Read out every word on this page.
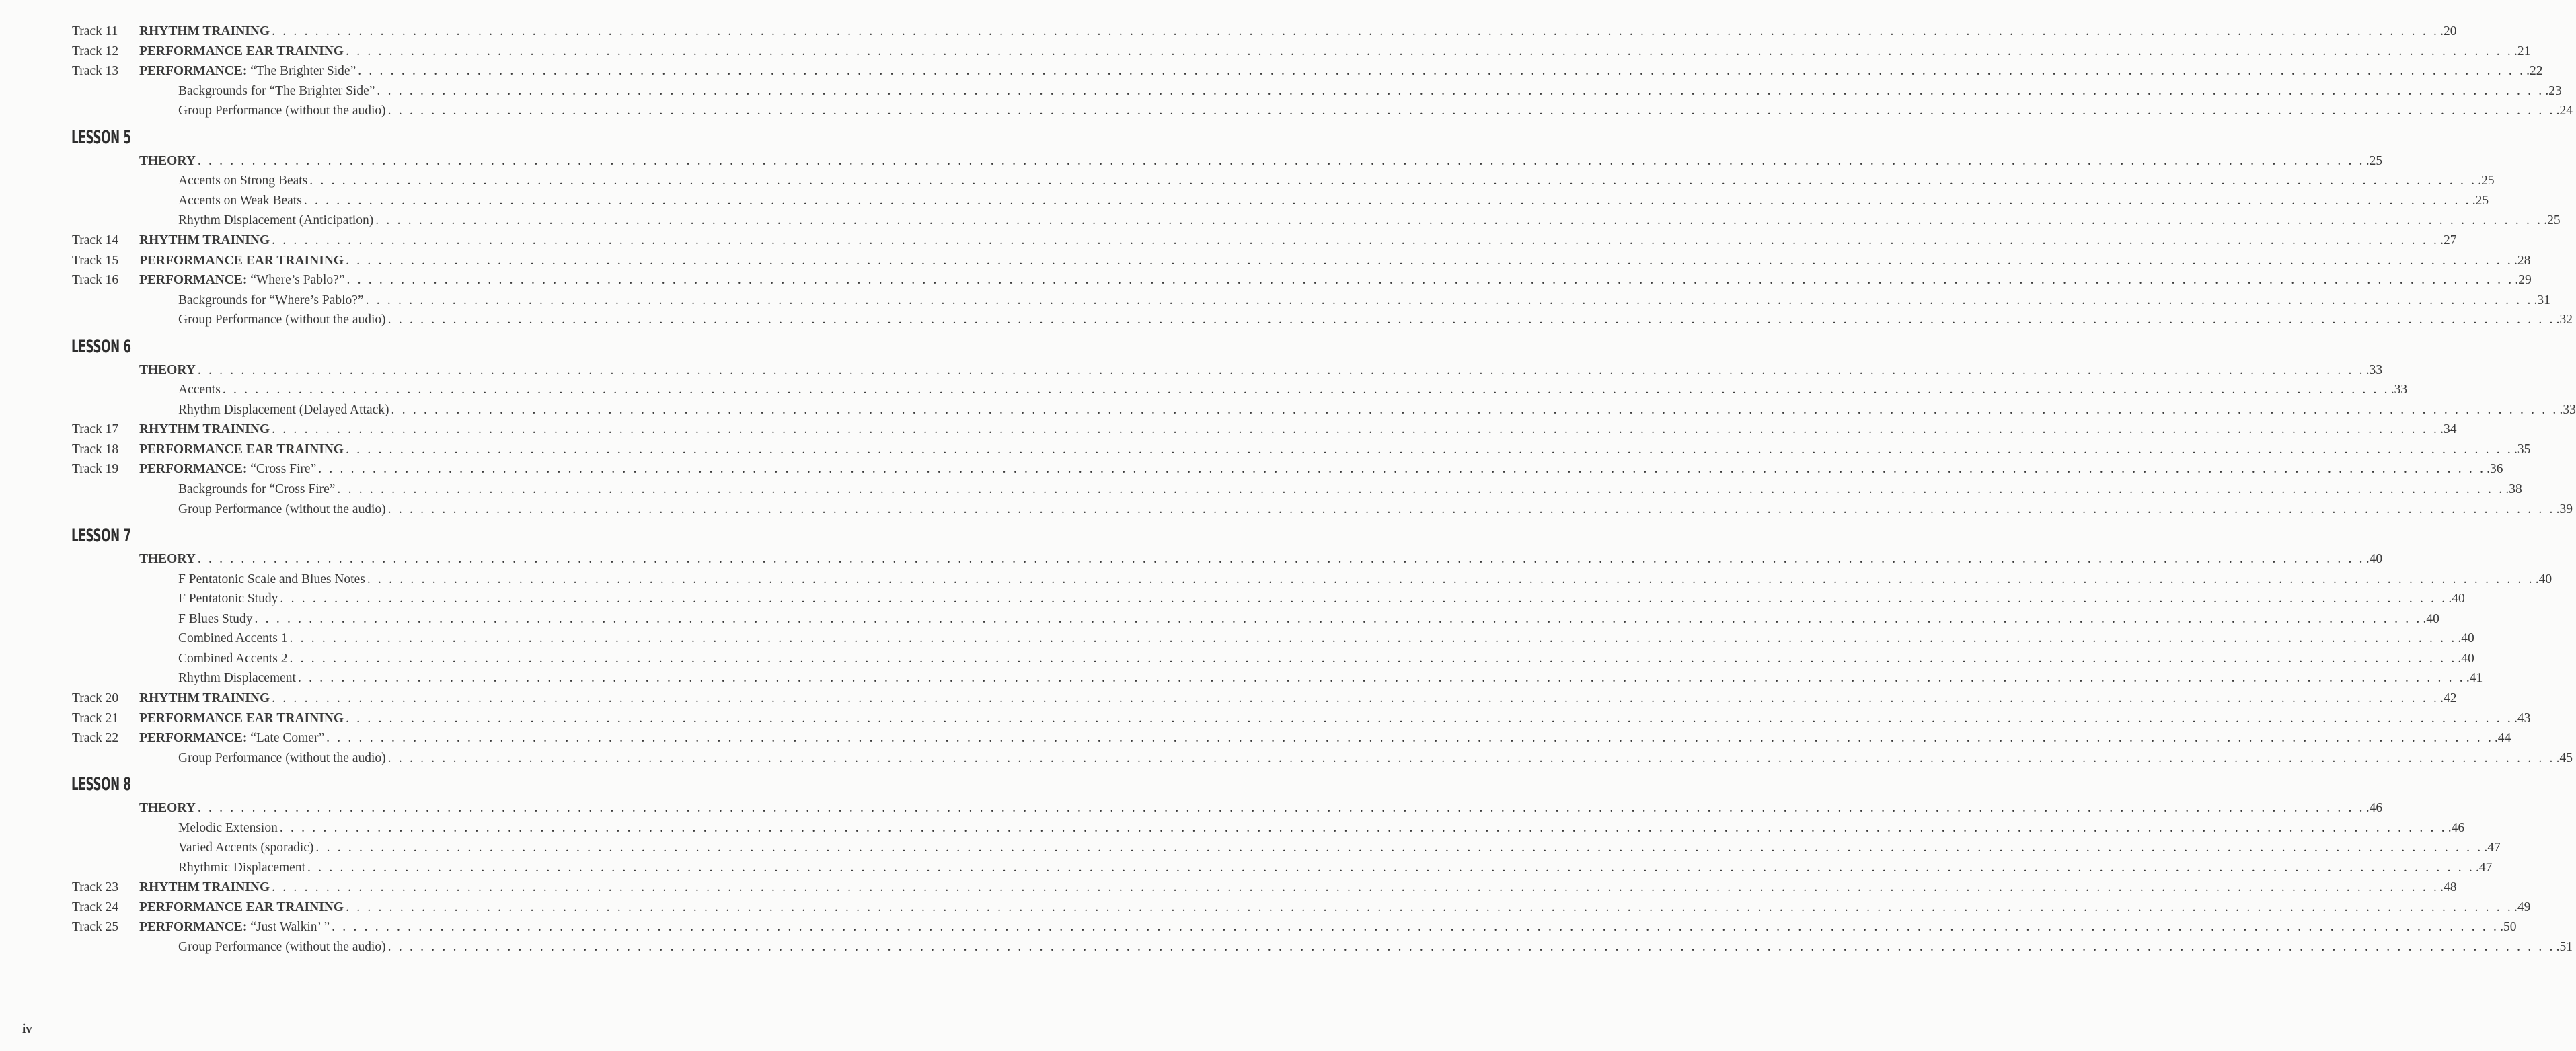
Track 11 RHYTHM TRAINING . . . . . . . . . . . . . . . . . . . . . . . . . . . . . . . . . . . . . . . . . . . . . . . . . . . . . . . . . . . . . . . . . . . . . . . . . . . . . . . . . . . . . . . . . . . . . . . . . . . . . . . . . . . . . . . . . . . . . . . . . . . . . . . . . . . . . . . . . . . . . . . . . . . . . . . . . . . . . . . . . . . . . . . . . . . . . . . . . . . . . . . . . . . . . . . . . . . . . . . . .20
Track 12 PERFORMANCE EAR TRAINING . . . . . . . . . . . . . . . . . . . . . . . . . . . . . . . . . . . . . . . . . . . . . . . . . . . . . . . . . . . . . . . . . . . . . . . . . . . . . . . . . . . . . . . . . . . . . . . . . . . . . . . . . . . . . . . . . . . . . . . . . . . . . . . . . . . . . . . . . . . . . . . . . . . . . . . . . . . . . . . . . . . . . . . . . . . . . . . . . . . . . . . . . . . . . . . . . . . . . . . . .21
Track 13 PERFORMANCE: “The Brighter Side” . . . . . . . . . . . . . . . . . . . . . . . . . . . . . . . . . . . . . . . . . . . . . . . . . . . . . . . . . . . . . . . . . . . . . . . . . . . . . . . . . . . . . . . . . . . . . . . . . . . . . . . . . . . . . . . . . . . . . . . . . . . . . . . . . . . . . . . . . . . . . . . . . . . . . . . . . . . . . . . . . . . . . . . . . . . . . . . . . . . . . . . . . . . . . . . . . . . . . . . . .22
Backgrounds for “The Brighter Side” . . . . . . . . . . . . . . . . . . . . . . . . . . . . . . . . . . . . . . . . . . . . . . . . . . . . . . . . . . . . . . . . . . . . . . . . . . . . . . . . . . . . . . . . . . . . . . . . . . . . . . . . . . . . . . . . . . . . . . . . . . . . . . . . . . . . . . . . . . . . . . . . . . . . . . . . . . . . . . . . . . . . . . . . . . . . . . . . . . . . . . . . . . . . . . . . . . . . . . . . .23
Group Performance (without the audio) . . . . . . . . . . . . . . . . . . . . . . . . . . . . . . . . . . . . . . . . . . . . . . . . . . . . . . . . . . . . . . . . . . . . . . . . . . . . . . . . . . . . . . . . . . . . . . . . . . . . . . . . . . . . . . . . . . . . . . . . . . . . . . . . . . . . . . . . . . . . . . . . . . . . . . . . . . . . . . . . . . . . . . . . . . . . . . . . . . . . . . . . . . . . . . . . . . . . . . . . .24
LESSON 5
THEORY . . . . . . . . . . . . . . . . . . . . . . . . . . . . . . . . . . . . . . . . . . . . . . . . . . . . . . . . . . . . . . . . . . . . . . . . . . . . . . . . . . . . . . . . . . . . . . . . . . . . . . . . . . . . . . . . . . . . . . . . . . . . . . . . . . . . . . . . . . . . . . . . . . . . . . . . . . . . . . . . . . . . . . . . . . . . . . . . . . . . . . . . . . . . . . . . . . . . . . . . .25
Accents on Strong Beats . . . . . . . . . . . . . . . . . . . . . . . . . . . . . . . . . . . . . . . . . . . . . . . . . . . . . . . . . . . . . . . . . . . . . . . . . . . . . . . . . . . . . . . . . . . . . . . . . . . . . . . . . . . . . . . . . . . . . . . . . . . . . . . . . . . . . . . . . . . . . . . . . . . . . . . . . . . . . . . . . . . . . . . . . . . . . . . . . . . . . . . . . . . . . . . . . . . . . . . . .25
Accents on Weak Beats . . . . . . . . . . . . . . . . . . . . . . . . . . . . . . . . . . . . . . . . . . . . . . . . . . . . . . . . . . . . . . . . . . . . . . . . . . . . . . . . . . . . . . . . . . . . . . . . . . . . . . . . . . . . . . . . . . . . . . . . . . . . . . . . . . . . . . . . . . . . . . . . . . . . . . . . . . . . . . . . . . . . . . . . . . . . . . . . . . . . . . . . . . . . . . . . . . . . . . . . .25
Rhythm Displacement (Anticipation) . . . . . . . . . . . . . . . . . . . . . . . . . . . . . . . . . . . . . . . . . . . . . . . . . . . . . . . . . . . . . . . . . . . . . . . . . . . . . . . . . . . . . . . . . . . . . . . . . . . . . . . . . . . . . . . . . . . . . . . . . . . . . . . . . . . . . . . . . . . . . . . . . . . . . . . . . . . . . . . . . . . . . . . . . . . . . . . . . . . . . . . . . . . . . . . . . . . . . . . . .25
Track 14 RHYTHM TRAINING . . . . . . . . . . . . . . . . . . . . . . . . . . . . . . . . . . . . . . . . . . . . . . . . . . . . . . . . . . . . . . . . . . . . . . . . . . . . . . . . . . . . . . . . . . . . . . . . . . . . . . . . . . . . . . . . . . . . . . . . . . . . . . . . . . . . . . . . . . . . . . . . . . . . . . . . . . . . . . . . . . . . . . . . . . . . . . . . . . . . . . . . . . . . . . . . . . . . . . . . .27
Track 15 PERFORMANCE EAR TRAINING . . . . . . . . . . . . . . . . . . . . . . . . . . . . . . . . . . . . . . . . . . . . . . . . . . . . . . . . . . . . . . . . . . . . . . . . . . . . . . . . . . . . . . . . . . . . . . . . . . . . . . . . . . . . . . . . . . . . . . . . . . . . . . . . . . . . . . . . . . . . . . . . . . . . . . . . . . . . . . . . . . . . . . . . . . . . . . . . . . . . . . . . . . . . . . . . . . . . . . . . .28
Track 16 PERFORMANCE: “Where’s Pablo?” . . . . . . . . . . . . . . . . . . . . . . . . . . . . . . . . . . . . . . . . . . . . . . . . . . . . . . . . . . . . . . . . . . . . . . . . . . . . . . . . . . . . . . . . . . . . . . . . . . . . . . . . . . . . . . . . . . . . . . . . . . . . . . . . . . . . . . . . . . . . . . . . . . . . . . . . . . . . . . . . . . . . . . . . . . . . . . . . . . . . . . . . . . . . . . . . . . . . . . . . .29
Backgrounds for “Where’s Pablo?” . . . . . . . . . . . . . . . . . . . . . . . . . . . . . . . . . . . . . . . . . . . . . . . . . . . . . . . . . . . . . . . . . . . . . . . . . . . . . . . . . . . . . . . . . . . . . . . . . . . . . . . . . . . . . . . . . . . . . . . . . . . . . . . . . . . . . . . . . . . . . . . . . . . . . . . . . . . . . . . . . . . . . . . . . . . . . . . . . . . . . . . . . . . . . . . . . . . . . . . . .31
Group Performance (without the audio) . . . . . . . . . . . . . . . . . . . . . . . . . . . . . . . . . . . . . . . . . . . . . . . . . . . . . . . . . . . . . . . . . . . . . . . . . . . . . . . . . . . . . . . . . . . . . . . . . . . . . . . . . . . . . . . . . . . . . . . . . . . . . . . . . . . . . . . . . . . . . . . . . . . . . . . . . . . . . . . . . . . . . . . . . . . . . . . . . . . . . . . . . . . . . . . . . . . . . . . . .32
LESSON 6
THEORY . . . . . . . . . . . . . . . . . . . . . . . . . . . . . . . . . . . . . . . . . . . . . . . . . . . . . . . . . . . . . . . . . . . . . . . . . . . . . . . . . . . . . . . . . . . . . . . . . . . . . . . . . . . . . . . . . . . . . . . . . . . . . . . . . . . . . . . . . . . . . . . . . . . . . . . . . . . . . . . . . . . . . . . . . . . . . . . . . . . . . . . . . . . . . . . . . . . . . . . . .33
Accents . . . . . . . . . . . . . . . . . . . . . . . . . . . . . . . . . . . . . . . . . . . . . . . . . . . . . . . . . . . . . . . . . . . . . . . . . . . . . . . . . . . . . . . . . . . . . . . . . . . . . . . . . . . . . . . . . . . . . . . . . . . . . . . . . . . . . . . . . . . . . . . . . . . . . . . . . . . . . . . . . . . . . . . . . . . . . . . . . . . . . . . . . . . . . . . . . . . . . . . . .33
Rhythm Displacement (Delayed Attack) . . . . . . . . . . . . . . . . . . . . . . . . . . . . . . . . . . . . . . . . . . . . . . . . . . . . . . . . . . . . . . . . . . . . . . . . . . . . . . . . . . . . . . . . . . . . . . . . . . . . . . . . . . . . . . . . . . . . . . . . . . . . . . . . . . . . . . . . . . . . . . . . . . . . . . . . . . . . . . . . . . . . . . . . . . . . . . . . . . . . . . . . . . . . . . . . . . . . . . . . .33
Track 17 RHYTHM TRAINING . . . . . . . . . . . . . . . . . . . . . . . . . . . . . . . . . . . . . . . . . . . . . . . . . . . . . . . . . . . . . . . . . . . . . . . . . . . . . . . . . . . . . . . . . . . . . . . . . . . . . . . . . . . . . . . . . . . . . . . . . . . . . . . . . . . . . . . . . . . . . . . . . . . . . . . . . . . . . . . . . . . . . . . . . . . . . . . . . . . . . . . . . . . . . . . . . . . . . . . . .34
Track 18 PERFORMANCE EAR TRAINING . . . . . . . . . . . . . . . . . . . . . . . . . . . . . . . . . . . . . . . . . . . . . . . . . . . . . . . . . . . . . . . . . . . . . . . . . . . . . . . . . . . . . . . . . . . . . . . . . . . . . . . . . . . . . . . . . . . . . . . . . . . . . . . . . . . . . . . . . . . . . . . . . . . . . . . . . . . . . . . . . . . . . . . . . . . . . . . . . . . . . . . . . . . . . . . . . . . . . . . . .35
Track 19 PERFORMANCE: “Cross Fire” . . . . . . . . . . . . . . . . . . . . . . . . . . . . . . . . . . . . . . . . . . . . . . . . . . . . . . . . . . . . . . . . . . . . . . . . . . . . . . . . . . . . . . . . . . . . . . . . . . . . . . . . . . . . . . . . . . . . . . . . . . . . . . . . . . . . . . . . . . . . . . . . . . . . . . . . . . . . . . . . . . . . . . . . . . . . . . . . . . . . . . . . . . . . . . . . . . . . . . . . .36
Backgrounds for “Cross Fire” . . . . . . . . . . . . . . . . . . . . . . . . . . . . . . . . . . . . . . . . . . . . . . . . . . . . . . . . . . . . . . . . . . . . . . . . . . . . . . . . . . . . . . . . . . . . . . . . . . . . . . . . . . . . . . . . . . . . . . . . . . . . . . . . . . . . . . . . . . . . . . . . . . . . . . . . . . . . . . . . . . . . . . . . . . . . . . . . . . . . . . . . . . . . . . . . . . . . . . . . .38
Group Performance (without the audio) . . . . . . . . . . . . . . . . . . . . . . . . . . . . . . . . . . . . . . . . . . . . . . . . . . . . . . . . . . . . . . . . . . . . . . . . . . . . . . . . . . . . . . . . . . . . . . . . . . . . . . . . . . . . . . . . . . . . . . . . . . . . . . . . . . . . . . . . . . . . . . . . . . . . . . . . . . . . . . . . . . . . . . . . . . . . . . . . . . . . . . . . . . . . . . . . . . . . . . . . .39
LESSON 7
THEORY . . . . . . . . . . . . . . . . . . . . . . . . . . . . . . . . . . . . . . . . . . . . . . . . . . . . . . . . . . . . . . . . . . . . . . . . . . . . . . . . . . . . . . . . . . . . . . . . . . . . . . . . . . . . . . . . . . . . . . . . . . . . . . . . . . . . . . . . . . . . . . . . . . . . . . . . . . . . . . . . . . . . . . . . . . . . . . . . . . . . . . . . . . . . . . . . . . . . . . . . .40
F Pentatonic Scale and Blues Notes . . . . . . . . . . . . . . . . . . . . . . . . . . . . . . . . . . . . . . . . . . . . . . . . . . . . . . . . . . . . . . . . . . . . . . . . . . . . . . . . . . . . . . . . . . . . . . . . . . . . . . . . . . . . . . . . . . . . . . . . . . . . . . . . . . . . . . . . . . . . . . . . . . . . . . . . . . . . . . . . . . . . . . . . . . . . . . . . . . . . . . . . . . . . . . . . . . . . . . . . .40
F Pentatonic Study . . . . . . . . . . . . . . . . . . . . . . . . . . . . . . . . . . . . . . . . . . . . . . . . . . . . . . . . . . . . . . . . . . . . . . . . . . . . . . . . . . . . . . . . . . . . . . . . . . . . . . . . . . . . . . . . . . . . . . . . . . . . . . . . . . . . . . . . . . . . . . . . . . . . . . . . . . . . . . . . . . . . . . . . . . . . . . . . . . . . . . . . . . . . . . . . . . . . . . . . .40
F Blues Study . . . . . . . . . . . . . . . . . . . . . . . . . . . . . . . . . . . . . . . . . . . . . . . . . . . . . . . . . . . . . . . . . . . . . . . . . . . . . . . . . . . . . . . . . . . . . . . . . . . . . . . . . . . . . . . . . . . . . . . . . . . . . . . . . . . . . . . . . . . . . . . . . . . . . . . . . . . . . . . . . . . . . . . . . . . . . . . . . . . . . . . . . . . . . . . . . . . . . . . . .40
Combined Accents 1 . . . . . . . . . . . . . . . . . . . . . . . . . . . . . . . . . . . . . . . . . . . . . . . . . . . . . . . . . . . . . . . . . . . . . . . . . . . . . . . . . . . . . . . . . . . . . . . . . . . . . . . . . . . . . . . . . . . . . . . . . . . . . . . . . . . . . . . . . . . . . . . . . . . . . . . . . . . . . . . . . . . . . . . . . . . . . . . . . . . . . . . . . . . . . . . . . . . . . . . . .40
Combined Accents 2 . . . . . . . . . . . . . . . . . . . . . . . . . . . . . . . . . . . . . . . . . . . . . . . . . . . . . . . . . . . . . . . . . . . . . . . . . . . . . . . . . . . . . . . . . . . . . . . . . . . . . . . . . . . . . . . . . . . . . . . . . . . . . . . . . . . . . . . . . . . . . . . . . . . . . . . . . . . . . . . . . . . . . . . . . . . . . . . . . . . . . . . . . . . . . . . . . . . . . . . . .40
Rhythm Displacement . . . . . . . . . . . . . . . . . . . . . . . . . . . . . . . . . . . . . . . . . . . . . . . . . . . . . . . . . . . . . . . . . . . . . . . . . . . . . . . . . . . . . . . . . . . . . . . . . . . . . . . . . . . . . . . . . . . . . . . . . . . . . . . . . . . . . . . . . . . . . . . . . . . . . . . . . . . . . . . . . . . . . . . . . . . . . . . . . . . . . . . . . . . . . . . . . . . . . . . . .41
Track 20 RHYTHM TRAINING . . . . . . . . . . . . . . . . . . . . . . . . . . . . . . . . . . . . . . . . . . . . . . . . . . . . . . . . . . . . . . . . . . . . . . . . . . . . . . . . . . . . . . . . . . . . . . . . . . . . . . . . . . . . . . . . . . . . . . . . . . . . . . . . . . . . . . . . . . . . . . . . . . . . . . . . . . . . . . . . . . . . . . . . . . . . . . . . . . . . . . . . . . . . . . . . . . . . . . . . .42
Track 21 PERFORMANCE EAR TRAINING . . . . . . . . . . . . . . . . . . . . . . . . . . . . . . . . . . . . . . . . . . . . . . . . . . . . . . . . . . . . . . . . . . . . . . . . . . . . . . . . . . . . . . . . . . . . . . . . . . . . . . . . . . . . . . . . . . . . . . . . . . . . . . . . . . . . . . . . . . . . . . . . . . . . . . . . . . . . . . . . . . . . . . . . . . . . . . . . . . . . . . . . . . . . . . . . . . . . . . . . .43
Track 22 PERFORMANCE: “Late Comer” . . . . . . . . . . . . . . . . . . . . . . . . . . . . . . . . . . . . . . . . . . . . . . . . . . . . . . . . . . . . . . . . . . . . . . . . . . . . . . . . . . . . . . . . . . . . . . . . . . . . . . . . . . . . . . . . . . . . . . . . . . . . . . . . . . . . . . . . . . . . . . . . . . . . . . . . . . . . . . . . . . . . . . . . . . . . . . . . . . . . . . . . . . . . . . . . . . . . . . . . .44
Group Performance (without the audio) . . . . . . . . . . . . . . . . . . . . . . . . . . . . . . . . . . . . . . . . . . . . . . . . . . . . . . . . . . . . . . . . . . . . . . . . . . . . . . . . . . . . . . . . . . . . . . . . . . . . . . . . . . . . . . . . . . . . . . . . . . . . . . . . . . . . . . . . . . . . . . . . . . . . . . . . . . . . . . . . . . . . . . . . . . . . . . . . . . . . . . . . . . . . . . . . . . . . . . . . .45
LESSON 8
THEORY . . . . . . . . . . . . . . . . . . . . . . . . . . . . . . . . . . . . . . . . . . . . . . . . . . . . . . . . . . . . . . . . . . . . . . . . . . . . . . . . . . . . . . . . . . . . . . . . . . . . . . . . . . . . . . . . . . . . . . . . . . . . . . . . . . . . . . . . . . . . . . . . . . . . . . . . . . . . . . . . . . . . . . . . . . . . . . . . . . . . . . . . . . . . . . . . . . . . . . . . .46
Melodic Extension . . . . . . . . . . . . . . . . . . . . . . . . . . . . . . . . . . . . . . . . . . . . . . . . . . . . . . . . . . . . . . . . . . . . . . . . . . . . . . . . . . . . . . . . . . . . . . . . . . . . . . . . . . . . . . . . . . . . . . . . . . . . . . . . . . . . . . . . . . . . . . . . . . . . . . . . . . . . . . . . . . . . . . . . . . . . . . . . . . . . . . . . . . . . . . . . . . . . . . . . .46
Varied Accents (sporadic) . . . . . . . . . . . . . . . . . . . . . . . . . . . . . . . . . . . . . . . . . . . . . . . . . . . . . . . . . . . . . . . . . . . . . . . . . . . . . . . . . . . . . . . . . . . . . . . . . . . . . . . . . . . . . . . . . . . . . . . . . . . . . . . . . . . . . . . . . . . . . . . . . . . . . . . . . . . . . . . . . . . . . . . . . . . . . . . . . . . . . . . . . . . . . . . . . . . . . . . . .47
Rhythmic Displacement . . . . . . . . . . . . . . . . . . . . . . . . . . . . . . . . . . . . . . . . . . . . . . . . . . . . . . . . . . . . . . . . . . . . . . . . . . . . . . . . . . . . . . . . . . . . . . . . . . . . . . . . . . . . . . . . . . . . . . . . . . . . . . . . . . . . . . . . . . . . . . . . . . . . . . . . . . . . . . . . . . . . . . . . . . . . . . . . . . . . . . . . . . . . . . . . . . . . . . . . .47
Track 23 RHYTHM TRAINING . . . . . . . . . . . . . . . . . . . . . . . . . . . . . . . . . . . . . . . . . . . . . . . . . . . . . . . . . . . . . . . . . . . . . . . . . . . . . . . . . . . . . . . . . . . . . . . . . . . . . . . . . . . . . . . . . . . . . . . . . . . . . . . . . . . . . . . . . . . . . . . . . . . . . . . . . . . . . . . . . . . . . . . . . . . . . . . . . . . . . . . . . . . . . . . . . . . . . . . . .48
Track 24 PERFORMANCE EAR TRAINING . . . . . . . . . . . . . . . . . . . . . . . . . . . . . . . . . . . . . . . . . . . . . . . . . . . . . . . . . . . . . . . . . . . . . . . . . . . . . . . . . . . . . . . . . . . . . . . . . . . . . . . . . . . . . . . . . . . . . . . . . . . . . . . . . . . . . . . . . . . . . . . . . . . . . . . . . . . . . . . . . . . . . . . . . . . . . . . . . . . . . . . . . . . . . . . . . . . . . . . . .49
Track 25 PERFORMANCE: “Just Walkin’ ” . . . . . . . . . . . . . . . . . . . . . . . . . . . . . . . . . . . . . . . . . . . . . . . . . . . . . . . . . . . . . . . . . . . . . . . . . . . . . . . . . . . . . . . . . . . . . . . . . . . . . . . . . . . . . . . . . . . . . . . . . . . . . . . . . . . . . . . . . . . . . . . . . . . . . . . . . . . . . . . . . . . . . . . . . . . . . . . . . . . . . . . . . . . . . . . . . . . . . . . . .50
Group Performance (without the audio) . . . . . . . . . . . . . . . . . . . . . . . . . . . . . . . . . . . . . . . . . . . . . . . . . . . . . . . . . . . . . . . . . . . . . . . . . . . . . . . . . . . . . . . . . . . . . . . . . . . . . . . . . . . . . . . . . . . . . . . . . . . . . . . . . . . . . . . . . . . . . . . . . . . . . . . . . . . . . . . . . . . . . . . . . . . . . . . . . . . . . . . . . . . . . . . . . . . . . . . . .51
iv
